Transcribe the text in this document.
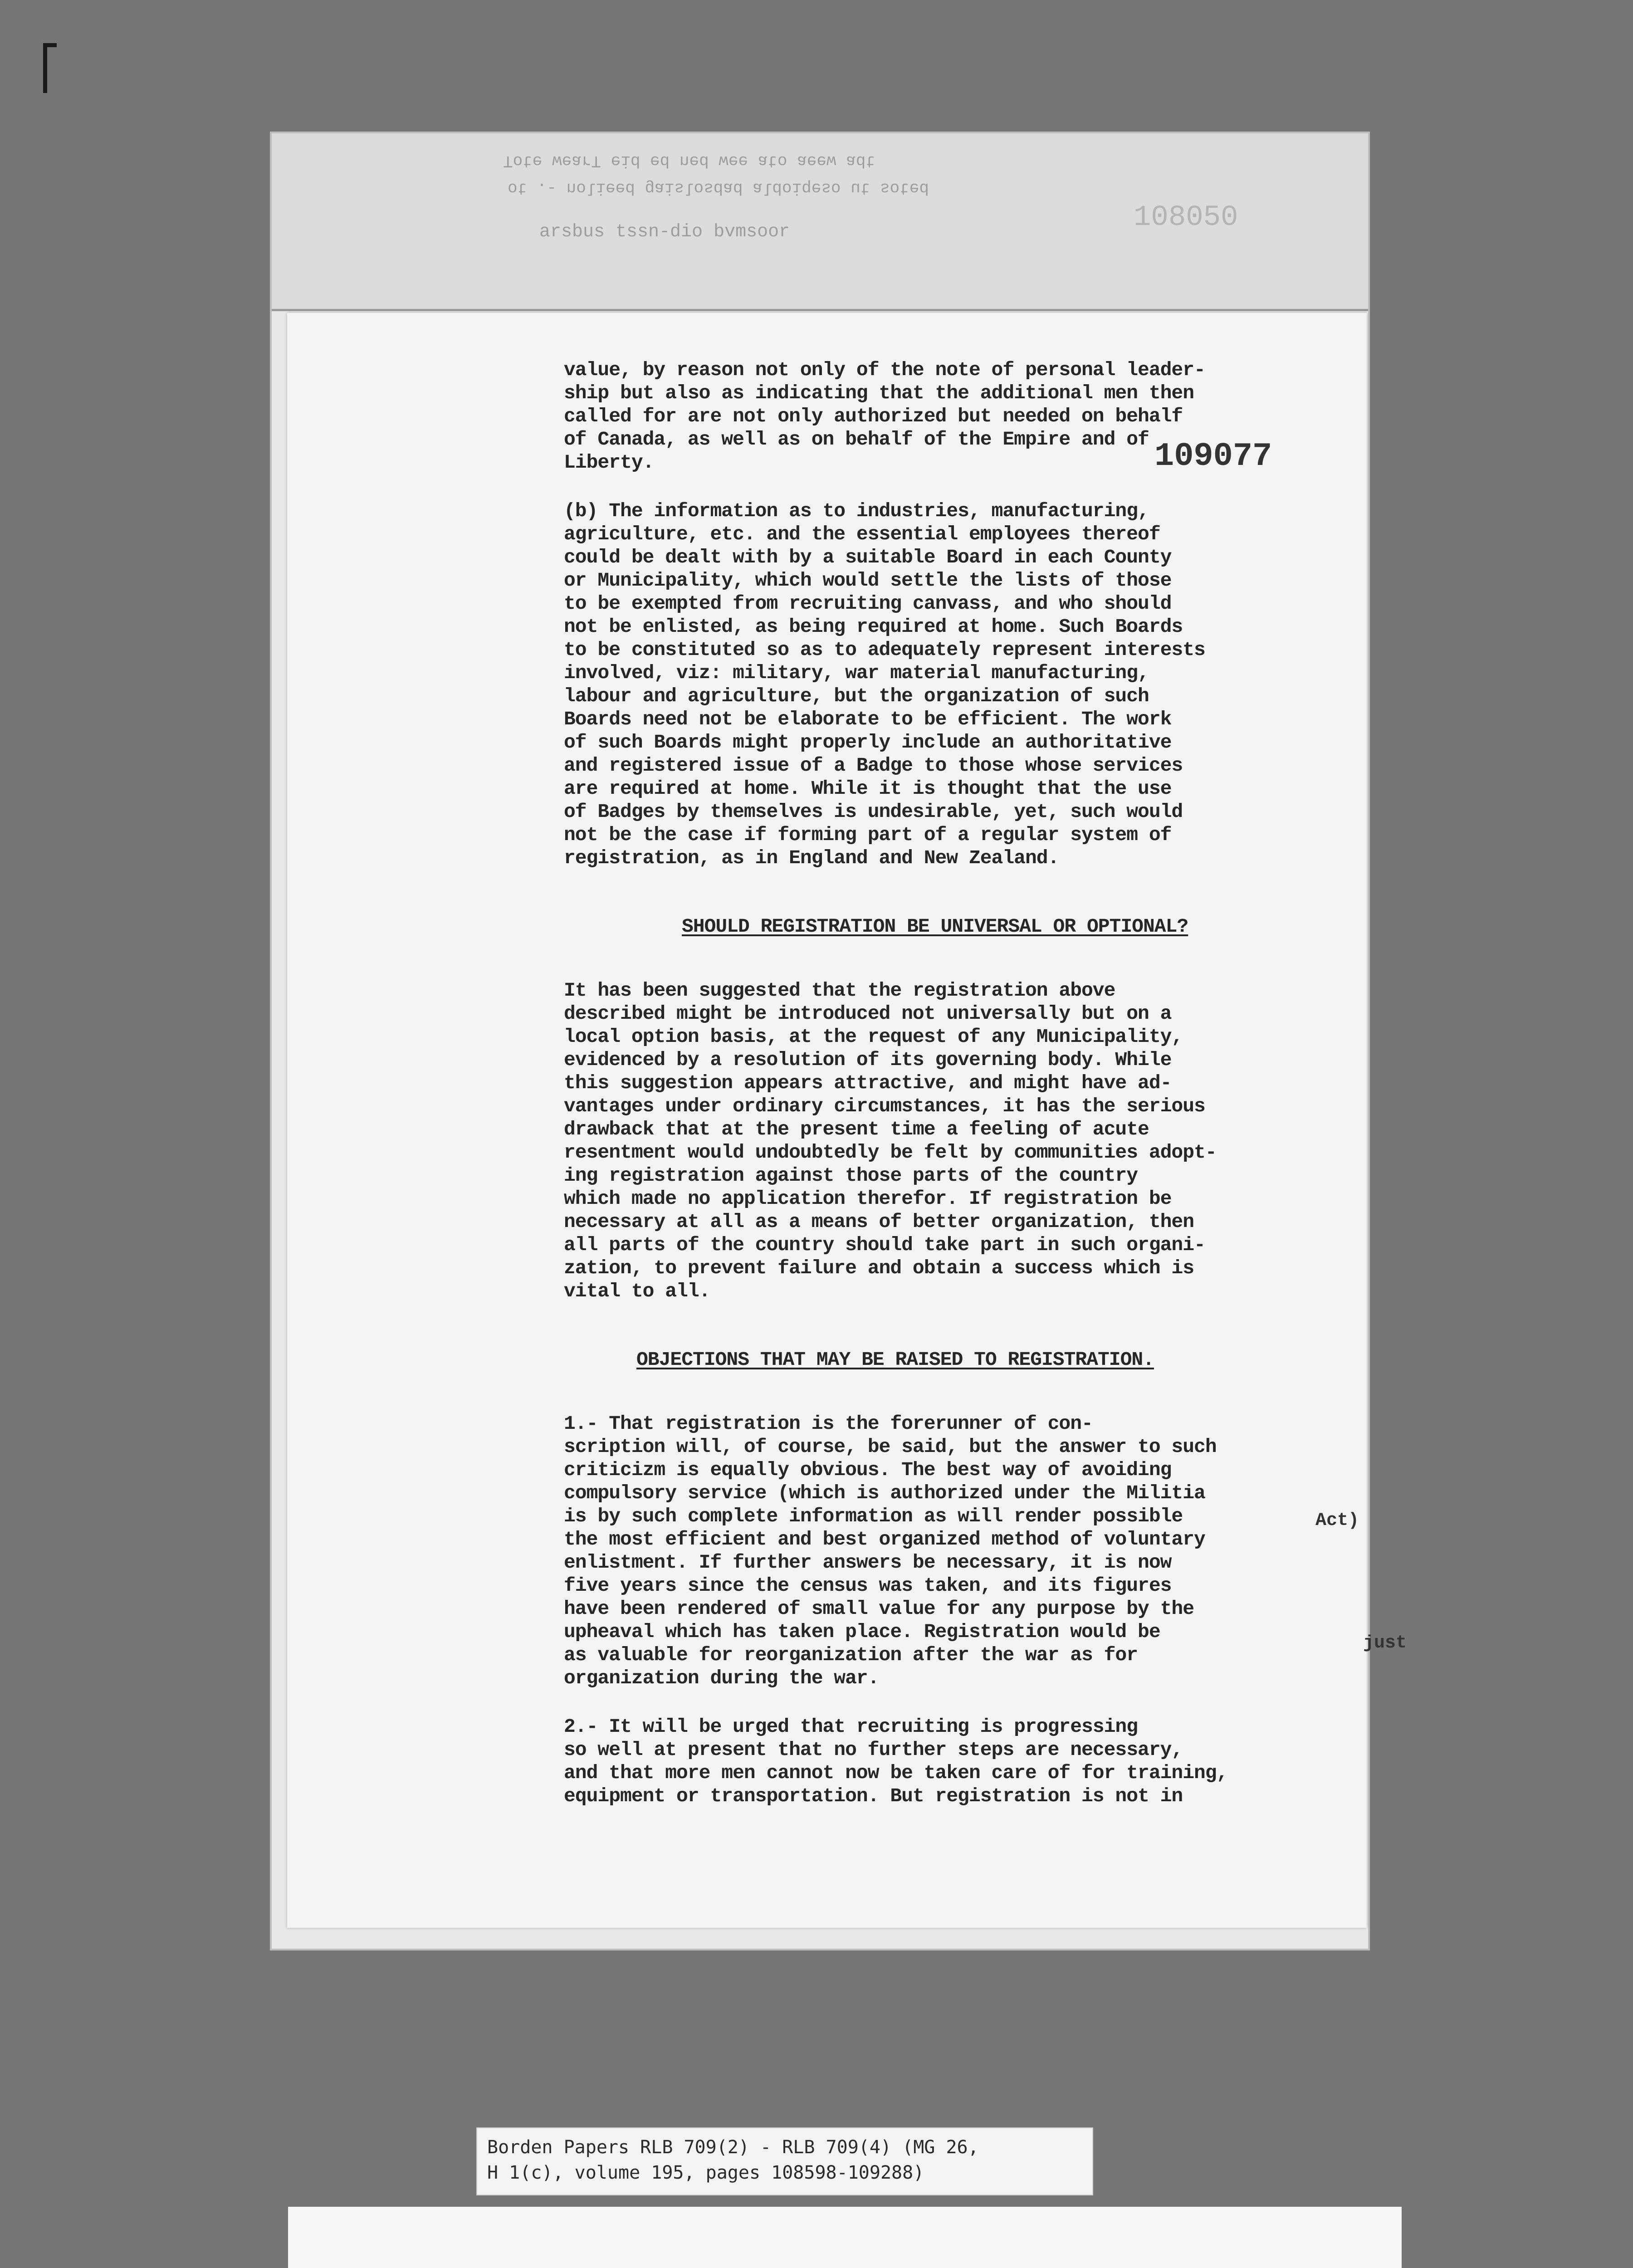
Tote wearT eid ed ned wee ato aeew adt
ot .- nolieed gaislosdad aldoiqeso ut soted
arsbus tssn-dio bvmsoor	108050

value, by reason not only of the note of personal leader-
ship but also as indicating that the additional men then
called for are not only authorized but needed on behalf
of Canada, as well as on behalf of the Empire and of
Liberty.

(b) The information as to industries, manufacturing,
agriculture, etc. and the essential employees thereof
could be dealt with by a suitable Board in each County
or Municipality, which would settle the lists of those
to be exempted from recruiting canvass, and who should
not be enlisted, as being required at home. Such Boards
to be constituted so as to adequately represent interests
involved, viz: military, war material manufacturing,
labour and agriculture, but the organization of such
Boards need not be elaborate to be efficient. The work
of such Boards might properly include an authoritative
and registered issue of a Badge to those whose services
are required at home. While it is thought that the use
of Badges by themselves is undesirable, yet, such would
not be the case if forming part of a regular system of
registration, as in England and New Zealand.

SHOULD REGISTRATION BE UNIVERSAL OR OPTIONAL?

It has been suggested that the registration above
described might be introduced not universally but on a
local option basis, at the request of any Municipality,
evidenced by a resolution of its governing body. While
this suggestion appears attractive, and might have ad-
vantages under ordinary circumstances, it has the serious
drawback that at the present time a feeling of acute
resentment would undoubtedly be felt by communities adopt-
ing registration against those parts of the country
which made no application therefor. If registration be
necessary at all as a means of better organization, then
all parts of the country should take part in such organi-
zation, to prevent failure and obtain a success which is
vital to all.

OBJECTIONS THAT MAY BE RAISED TO REGISTRATION.

1.- That registration is the forerunner of con-
scription will, of course, be said, but the answer to such
criticizm is equally obvious. The best way of avoiding
compulsory service (which is authorized under the Militia
is by such complete information as will render possible
the most efficient and best organized method of voluntary
enlistment. If further answers be necessary, it is now
five years since the census was taken, and its figures
have been rendered of small value for any purpose by the
upheaval which has taken place. Registration would be
as valuable for reorganization after the war as for
organization during the war.

2.- It will be urged that recruiting is progressing
so well at present that no further steps are necessary,
and that more men cannot now be taken care of for training,
equipment or transportation. But registration is not in

109077
Act)
just
Borden Papers RLB 709(2) - RLB 709(4) (MG 26,
H 1(c), volume 195, pages 108598-109288)
